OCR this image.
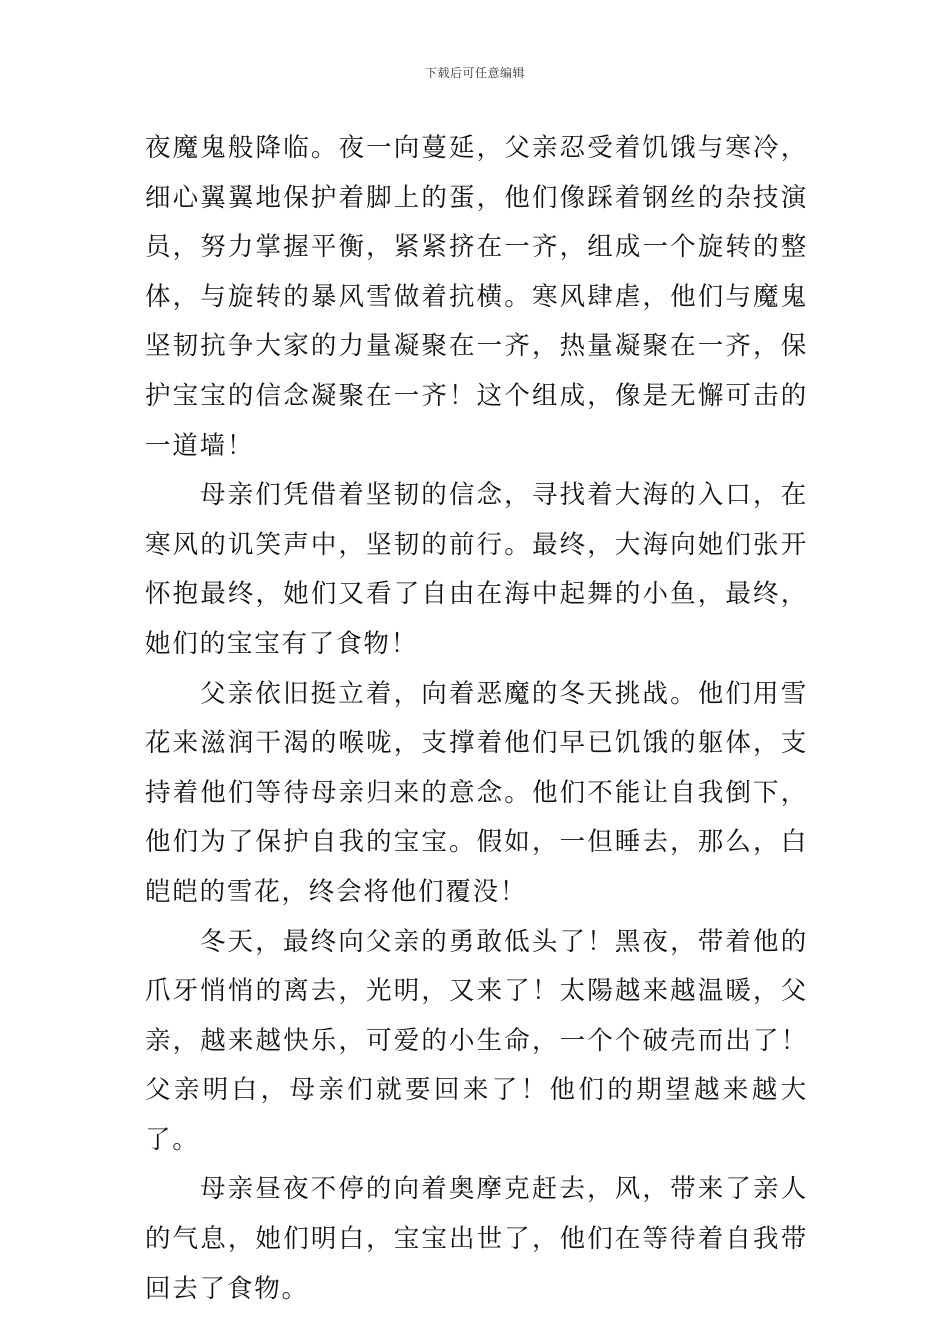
下载后可任意编辑

夜魔鬼般降临。夜一向蔓延，父亲忍受着饥饿与寒冷，细心翼翼地保护着脚上的蛋，他们像踩着钢丝的杂技演员，努力掌握平衡，紧紧挤在一齐，组成一个旋转的整体，与旋转的暴风雪做着抗横。寒风肆虐，他们与魔鬼坚韧抗争大家的力量凝聚在一齐，热量凝聚在一齐，保护宝宝的信念凝聚在一齐！这个组成，像是无懈可击的一道墙！

母亲们凭借着坚韧的信念，寻找着大海的入口，在寒风的讥笑声中，坚韧的前行。最终，大海向她们张开怀抱最终，她们又看了自由在海中起舞的小鱼，最终，她们的宝宝有了食物！

父亲依旧挺立着，向着恶魔的冬天挑战。他们用雪花来滋润干渴的喉咙，支撑着他们早已饥饿的躯体，支持着他们等待母亲归来的意念。他们不能让自我倒下，他们为了保护自我的宝宝。假如，一但睡去，那么，白皑皑的雪花，终会将他们覆没！

冬天，最终向父亲的勇敢低头了！黑夜，带着他的爪牙悄悄的离去，光明，又来了！太陽越来越温暖，父亲，越来越快乐，可爱的小生命，一个个破壳而出了！父亲明白，母亲们就要回来了！他们的期望越来越大了。

母亲昼夜不停的向着奥摩克赶去，风，带来了亲人的气息，她们明白，宝宝出世了，他们在等待着自我带回去了食物。
